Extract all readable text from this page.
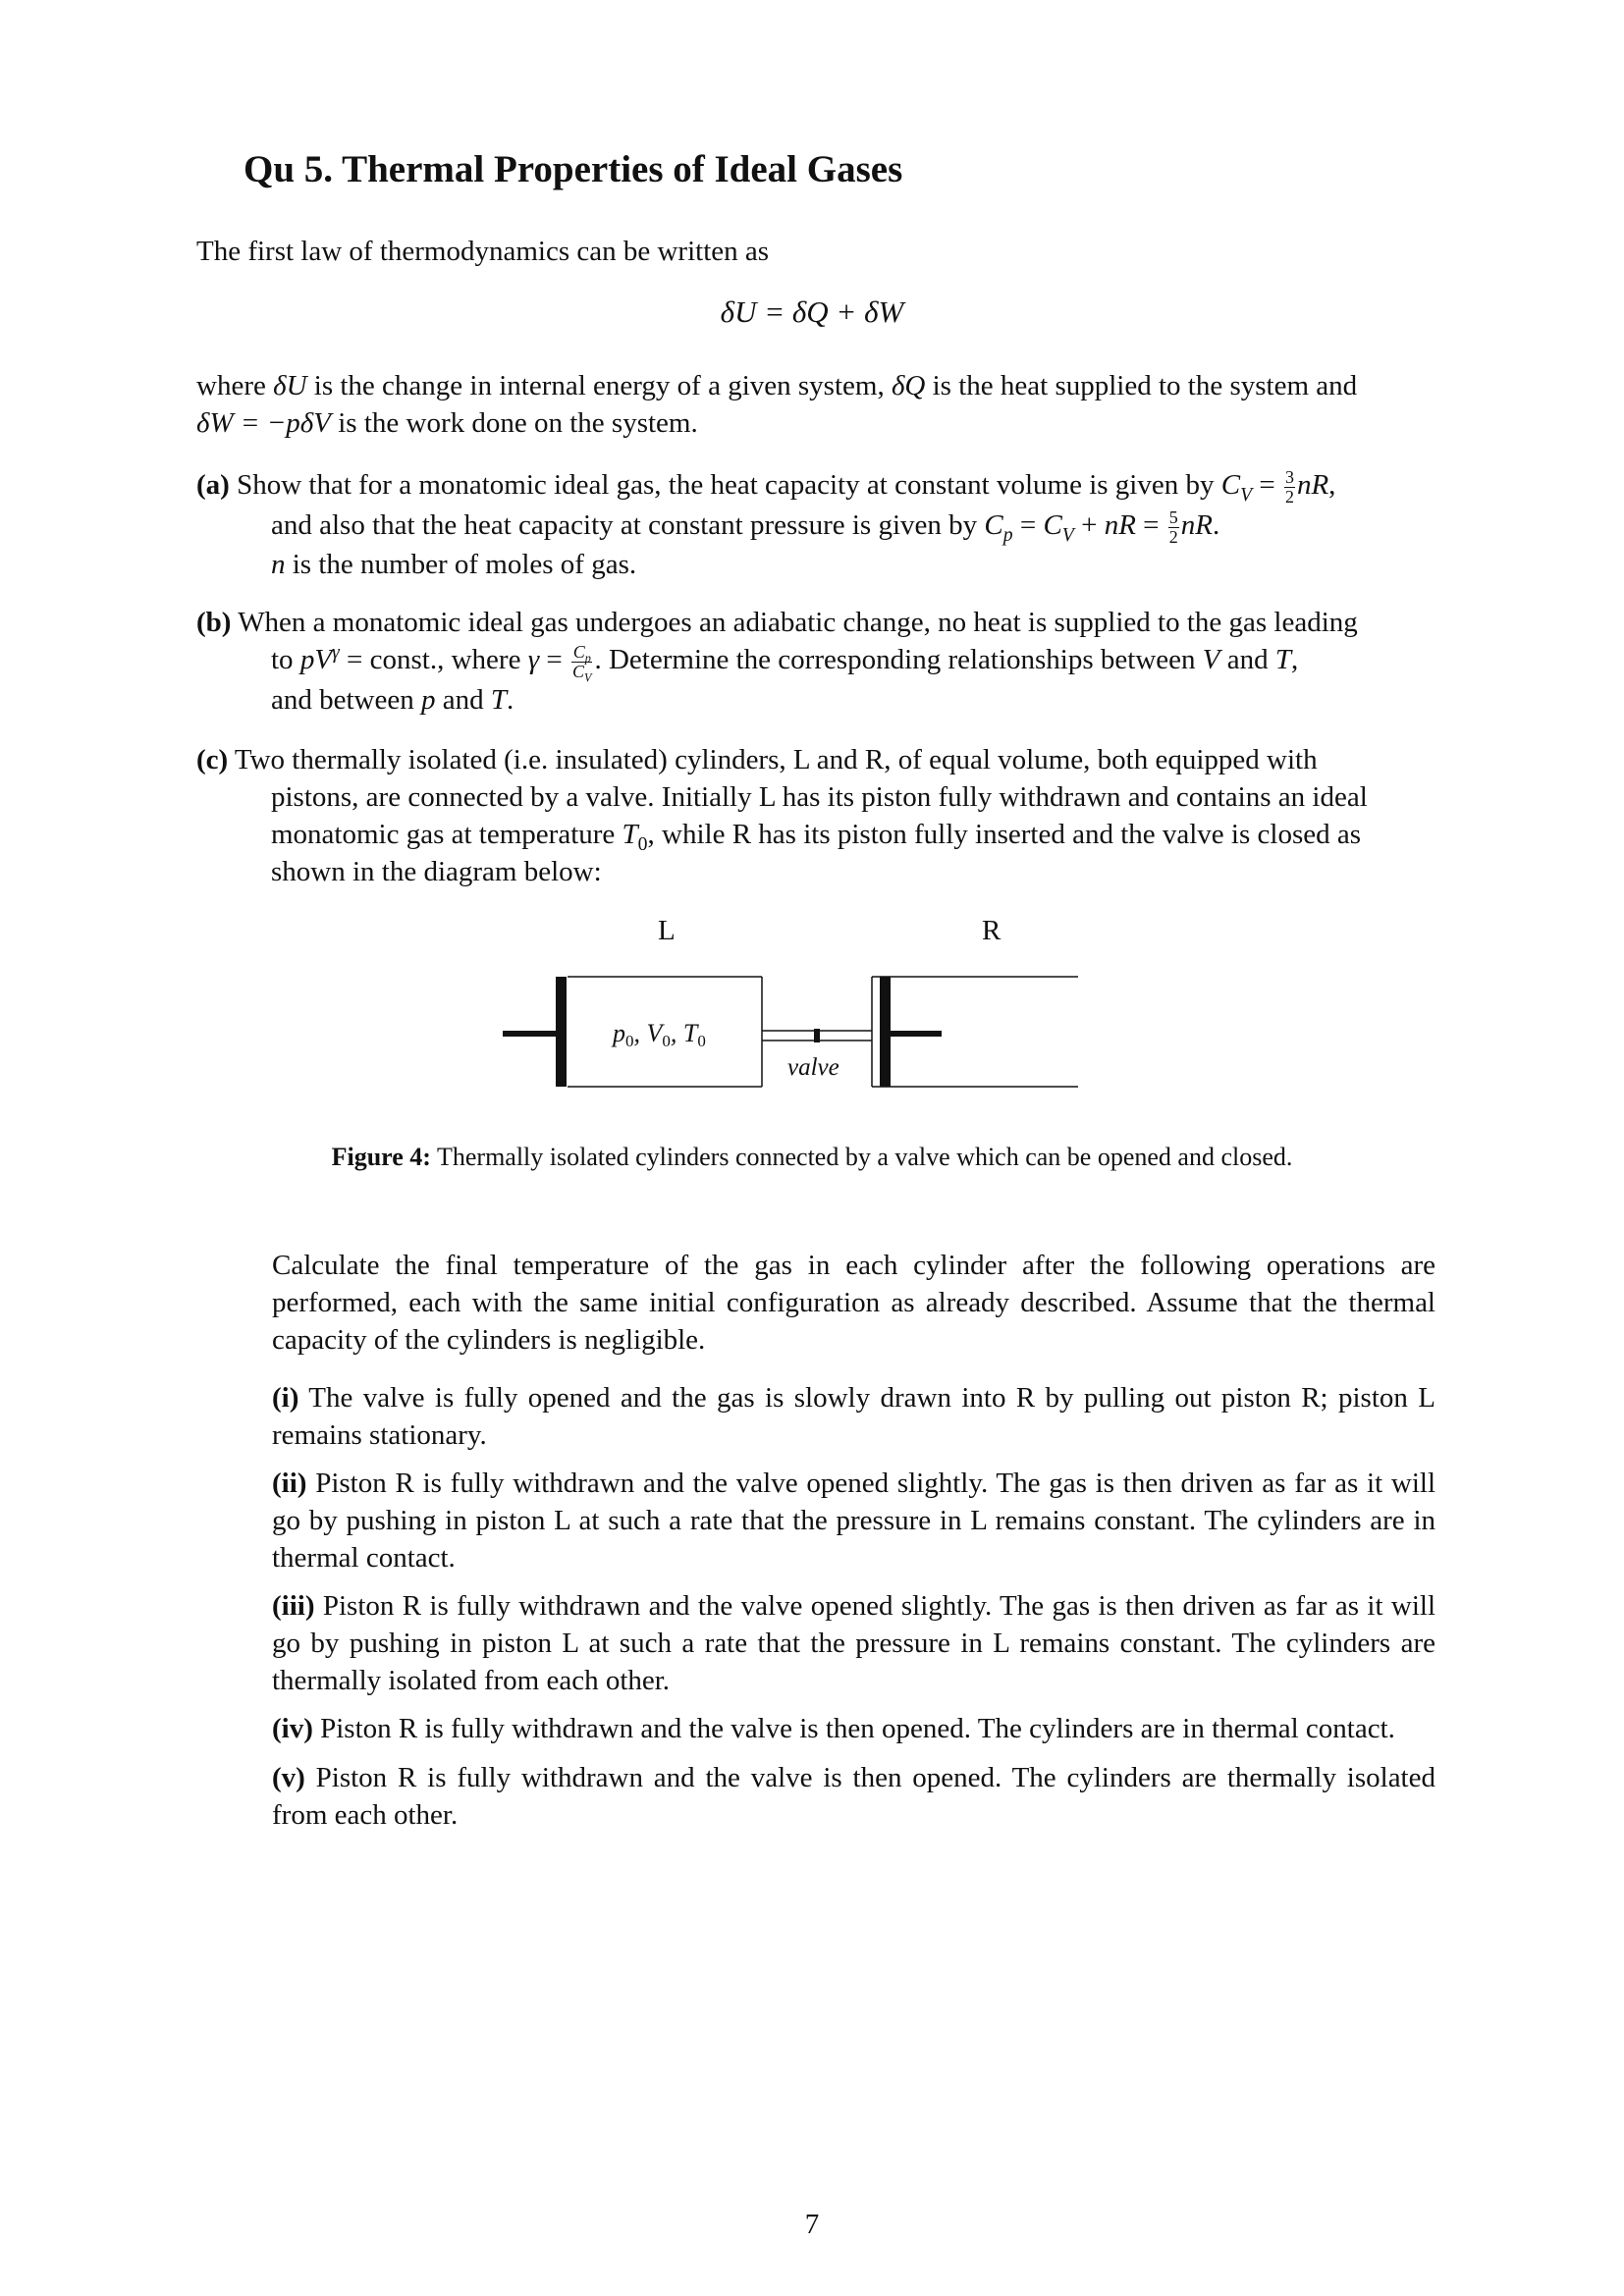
Qu 5. Thermal Properties of Ideal Gases
The first law of thermodynamics can be written as
δU = δQ + δW
where δU is the change in internal energy of a given system, δQ is the heat supplied to the system and
δW = −pδV is the work done on the system.
(a) Show that for a monatomic ideal gas, the heat capacity at constant volume is given by $C_V = \frac{3}{2}$ nR,
and also that the heat capacity at constant pressure is given by $C_p = C_V$ + nR = $\frac{5}{2}$ nR.
n is the number of moles of gas.
(b) When a monatomic ideal gas undergoes an adiabatic change, no heat is supplied to the gas leading
to $pV^\gamma$ = const., where $\gamma = \frac{C_p}{C_V}$ . Determine the corresponding relationships between V and T,
and between p and T.
(c) Two thermally isolated (i.e. insulated) cylinders, L and R, of equal volume, both equipped with
pistons, are connected by a valve. Initially L has its piston fully withdrawn and contains an ideal
monatomic gas at temperature $T_0$, while R has its piston fully inserted and the valve is closed as
shown in the diagram below:
L	R
p0, V0, T0
valve
Figure 4: Thermally isolated cylinders connected by a valve which can be opened and closed.
Calculate the final temperature of the gas in each cylinder after the following operations are performed, each with the same initial configuration as already described. Assume that the thermal capacity of the cylinders is negligible.
(i) The valve is fully opened and the gas is slowly drawn into R by pulling out piston R; piston L remains stationary.
(ii) Piston R is fully withdrawn and the valve opened slightly. The gas is then driven as far as it will go by pushing in piston L at such a rate that the pressure in L remains constant. The cylinders are in thermal contact.
(iii) Piston R is fully withdrawn and the valve opened slightly. The gas is then driven as far as it will go by pushing in piston L at such a rate that the pressure in L remains constant. The cylinders are thermally isolated from each other.
(iv) Piston R is fully withdrawn and the valve is then opened. The cylinders are in thermal contact.
(v) Piston R is fully withdrawn and the valve is then opened. The cylinders are thermally isolated from each other.
7
